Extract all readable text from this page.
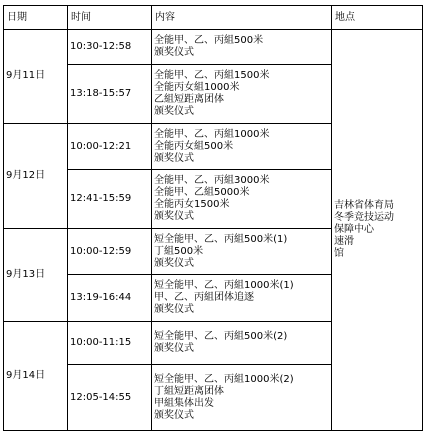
日期	时间	内容	地点
9月11日	10:30-12:58	全能甲、乙、丙組500米
颁奖仪式	吉林省体育局
冬季竞技运动
保障中心
速滑
馆

	13:18-15:57	全能甲、乙、丙組1500米
全能丙女組1000米
乙組短距离团体
颁奖仪式	

9月12日	10:00-12:21	全能甲、乙、丙組1000米
全能丙女組500米
颁奖仪式	

	12:41-15:59	全能甲、乙、丙組3000米
全能甲、乙組5000米
全能丙女1500米
颁奖仪式	

9月13日	10:00-12:59	短全能甲、乙、丙組500米(1)
丁組500米
颁奖仪式	

	13:19-16:44	短全能甲、乙、丙組1000米(1)
甲、乙、丙組团体追逐
颁奖仪式	

9月14日	10:00-11:15	短全能甲、乙、丙組500米(2)
颁奖仪式	

	12:05-14:55	短全能甲、乙、丙組1000米(2)
丁組短距离团体
甲組集体出发
颁奖仪式	
